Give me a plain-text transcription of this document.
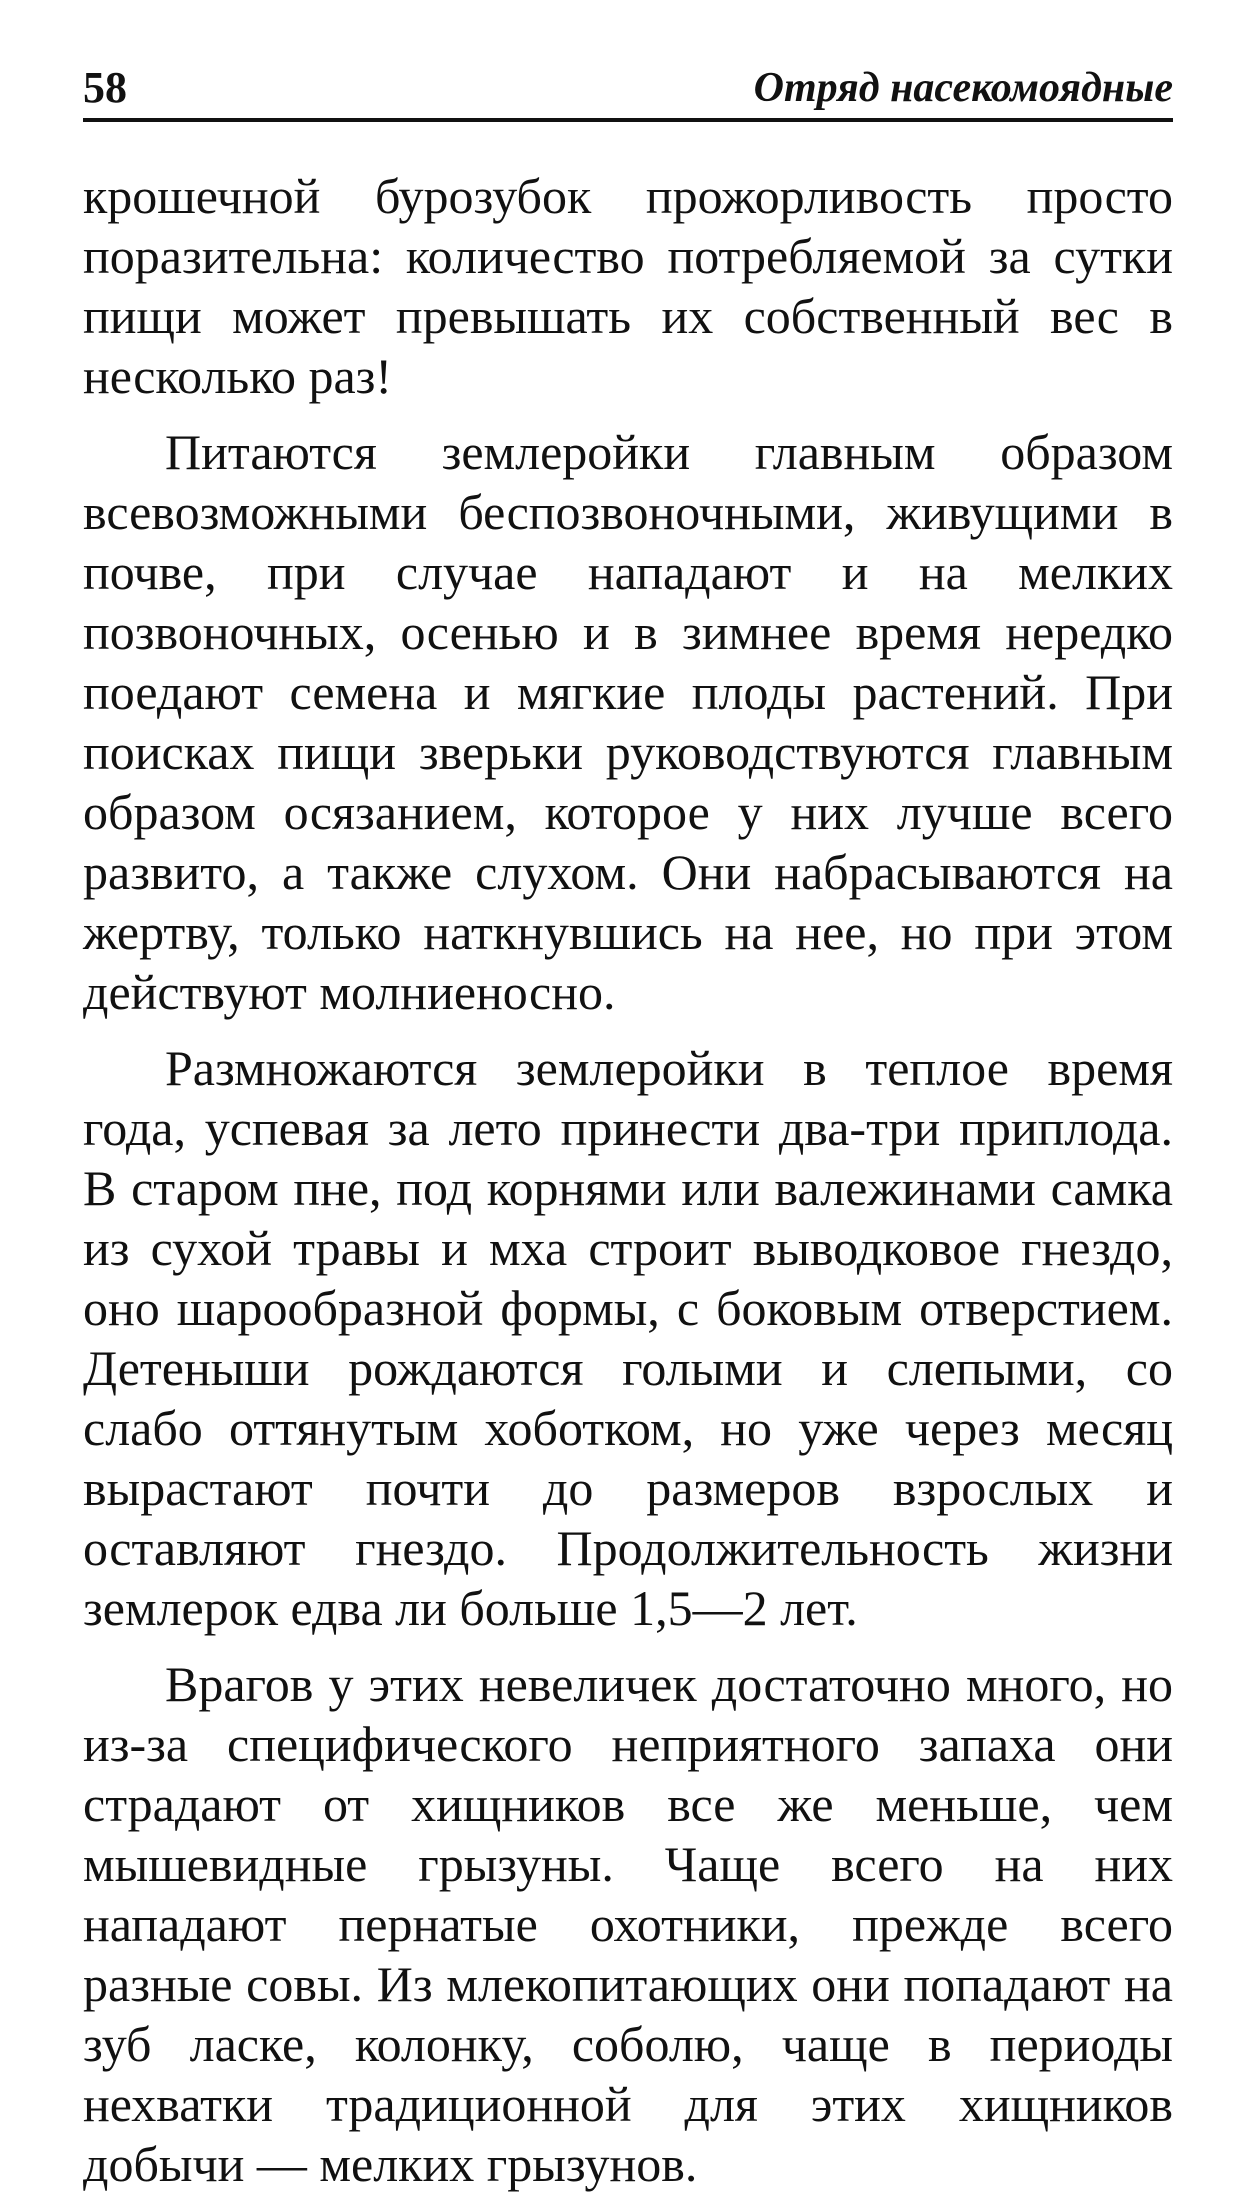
58	Отряд насекомоядные

крошечной бурозубок прожорливость просто поразительна: количество потребляемой за сутки пищи может превышать их собственный вес в несколько раз!

Питаются землеройки главным образом всевозможными беспозвоночными, живущими в почве, при случае нападают и на мелких позвоночных, осенью и в зимнее время нередко поедают семена и мягкие плоды растений. При поисках пищи зверьки руководствуются главным образом осязанием, которое у них лучше всего развито, а также слухом. Они набрасываются на жертву, только наткнувшись на нее, но при этом действуют молниеносно.

Размножаются землеройки в теплое время года, успевая за лето принести два-три приплода. В старом пне, под корнями или валежинами самка из сухой травы и мха строит выводковое гнездо, оно шарообразной формы, с боковым отверстием. Детеныши рождаются голыми и слепыми, со слабо оттянутым хоботком, но уже через месяц вырастают почти до размеров взрослых и оставляют гнездо. Продолжительность жизни землерок едва ли больше 1,5—2 лет.

Врагов у этих невеличек достаточно много, но из-за специфического неприятного запаха они страдают от хищников все же меньше, чем мышевидные грызуны. Чаще всего на них нападают пернатые охотники, прежде всего разные совы. Из млекопитающих они попадают на зуб ласке, колонку, соболю, чаще в периоды нехватки традиционной для этих хищников добычи — мелких грызунов.
